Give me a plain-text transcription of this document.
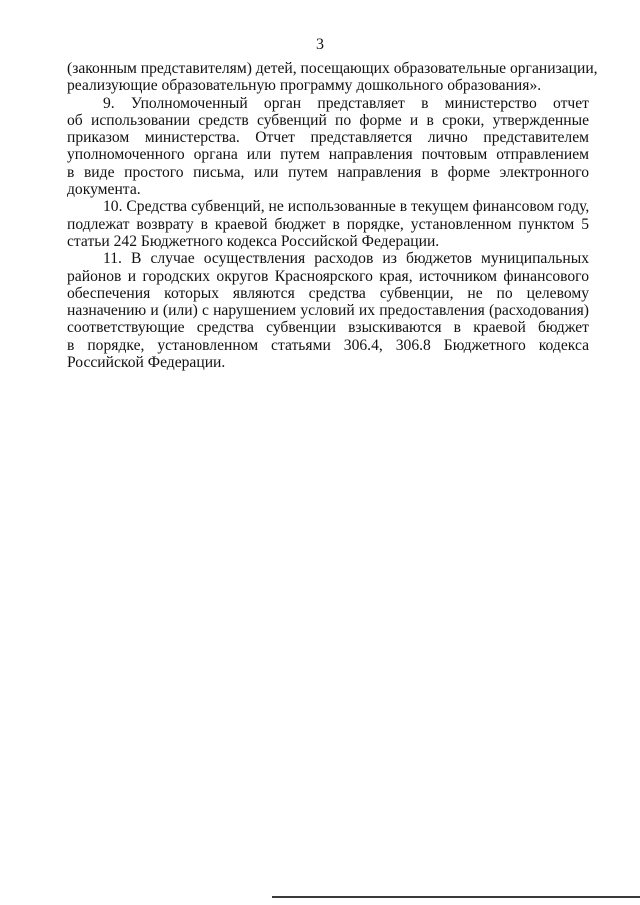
3
(законным представителям) детей, посещающих образовательные организации,
реализующие образовательную программу дошкольного образования».
9. Уполномоченный орган представляет в министерство отчет
об использовании средств субвенций по форме и в сроки, утвержденные
приказом министерства. Отчет представляется лично представителем
уполномоченного органа или путем направления почтовым отправлением
в виде простого письма, или путем направления в форме электронного
документа.
10. Средства субвенций, не использованные в текущем финансовом году,
подлежат возврату в краевой бюджет в порядке, установленном пунктом 5
статьи 242 Бюджетного кодекса Российской Федерации.
11. В случае осуществления расходов из бюджетов муниципальных
районов и городских округов Красноярского края, источником финансового
обеспечения которых являются средства субвенции, не по целевому
назначению и (или) с нарушением условий их предоставления (расходования)
соответствующие средства субвенции взыскиваются в краевой бюджет
в порядке, установленном статьями 306.4, 306.8 Бюджетного кодекса
Российской Федерации.
